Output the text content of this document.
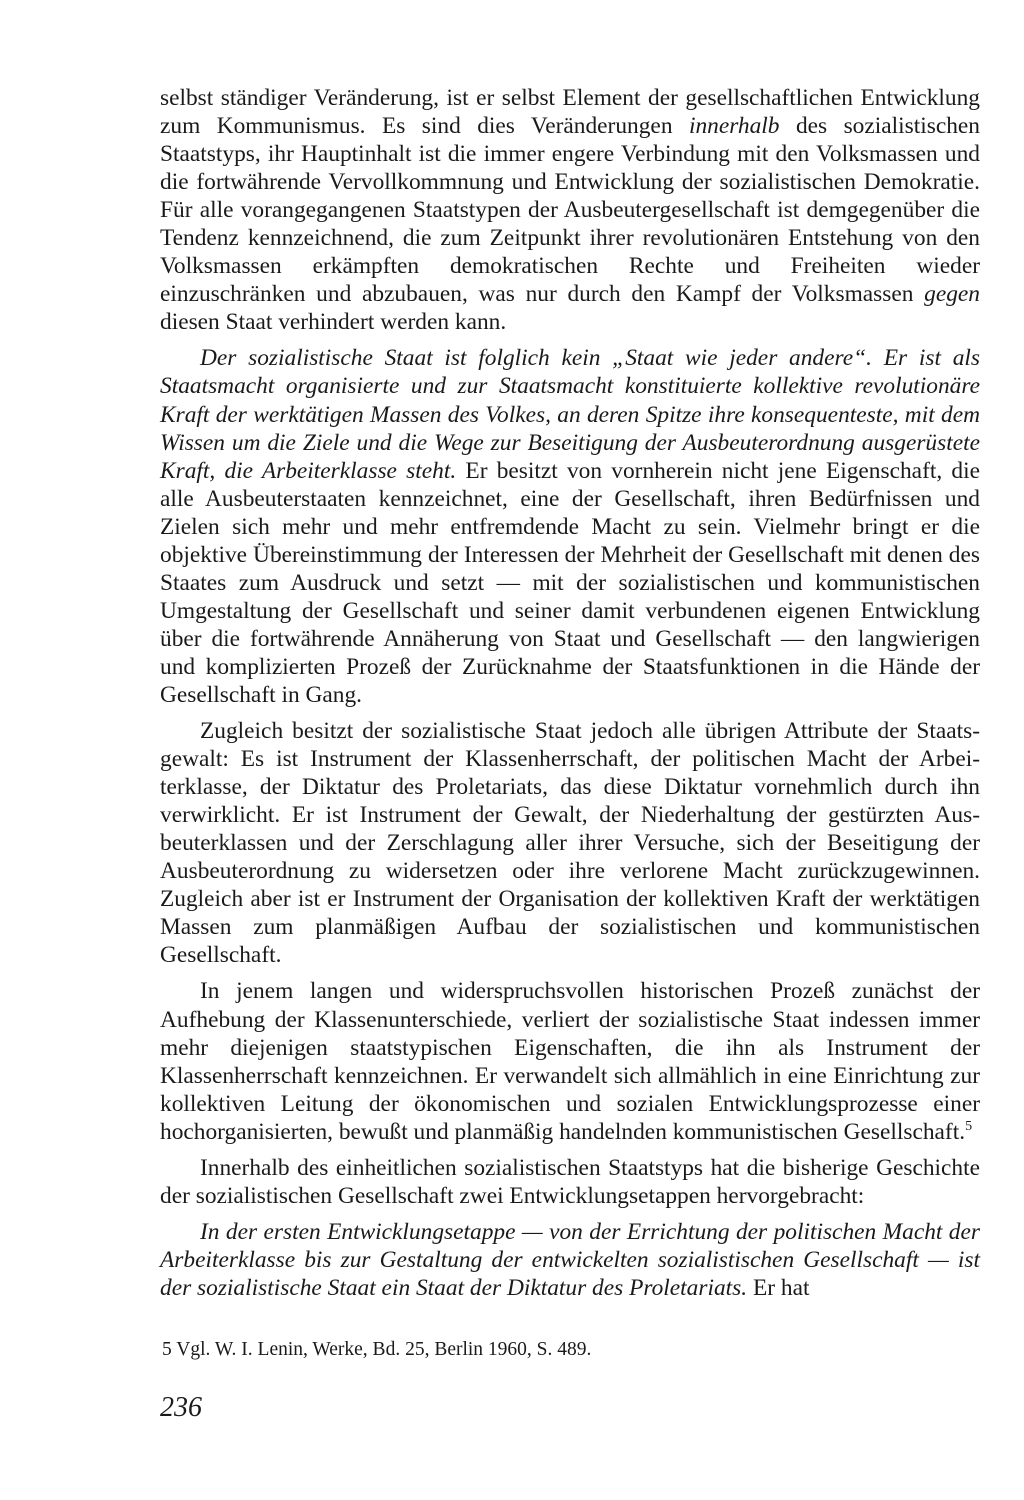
selbst ständiger Veränderung, ist er selbst Element der gesellschaftlichen Entwicklung zum Kommunismus. Es sind dies Veränderungen innerhalb des sozialistischen Staatstyps, ihr Hauptinhalt ist die immer engere Verbindung mit den Volksmassen und die fortwährende Vervollkommnung und Entwicklung der sozialistischen Demokratie. Für alle vorangegangenen Staatstypen der Ausbeutergesellschaft ist demgegenüber die Tendenz kennzeichnend, die zum Zeitpunkt ihrer revolutionären Entstehung von den Volksmassen erkämpften demokratischen Rechte und Freiheiten wieder einzuschränken und abzubauen, was nur durch den Kampf der Volksmassen gegen diesen Staat verhindert werden kann.

Der sozialistische Staat ist folglich kein „Staat wie jeder andere“. Er ist als Staatsmacht organisierte und zur Staatsmacht konstituierte kollektive revolutionäre Kraft der werktätigen Massen des Volkes, an deren Spitze ihre konsequenteste, mit dem Wissen um die Ziele und die Wege zur Beseitigung der Ausbeuterordnung ausgerüstete Kraft, die Arbeiterklasse steht. Er besitzt von vornherein nicht jene Eigenschaft, die alle Ausbeuterstaaten kennzeichnet, eine der Gesellschaft, ihren Bedürfnissen und Zielen sich mehr und mehr entfremdende Macht zu sein. Vielmehr bringt er die objektive Übereinstimmung der Interessen der Mehrheit der Gesellschaft mit denen des Staates zum Ausdruck und setzt — mit der sozialistischen und kommunistischen Umgestaltung der Gesellschaft und seiner damit verbundenen eigenen Entwicklung über die fortwährende Annäherung von Staat und Gesellschaft — den langwierigen und komplizierten Prozeß der Zurücknahme der Staatsfunktionen in die Hände der Gesellschaft in Gang.

Zugleich besitzt der sozialistische Staat jedoch alle übrigen Attribute der Staatsgewalt: Es ist Instrument der Klassenherrschaft, der politischen Macht der Arbeiterklasse, der Diktatur des Proletariats, das diese Diktatur vornehmlich durch ihn verwirklicht. Er ist Instrument der Gewalt, der Niederhaltung der gestürzten Ausbeuterklassen und der Zerschlagung aller ihrer Versuche, sich der Beseitigung der Ausbeuterordnung zu widersetzen oder ihre verlorene Macht zurückzugewinnen. Zugleich aber ist er Instrument der Organisation der kollektiven Kraft der werktätigen Massen zum planmäßigen Aufbau der sozialistischen und kommunistischen Gesellschaft.

In jenem langen und widerspruchsvollen historischen Prozeß zunächst der Aufhebung der Klassenunterschiede, verliert der sozialistische Staat indessen immer mehr diejenigen staatstypischen Eigenschaften, die ihn als Instrument der Klassenherrschaft kennzeichnen. Er verwandelt sich allmählich in eine Einrichtung zur kollektiven Leitung der ökonomischen und sozialen Entwicklungsprozesse einer hochorganisierten, bewußt und planmäßig handelnden kommunistischen Gesellschaft.$^5$

Innerhalb des einheitlichen sozialistischen Staatstyps hat die bisherige Geschichte der sozialistischen Gesellschaft zwei Entwicklungsetappen hervorgebracht:

In der ersten Entwicklungsetappe — von der Errichtung der politischen Macht der Arbeiterklasse bis zur Gestaltung der entwickelten sozialistischen Gesellschaft — ist der sozialistische Staat ein Staat der Diktatur des Proletariats. Er hat

5 Vgl. W. I. Lenin, Werke, Bd. 25, Berlin 1960, S. 489.

236
